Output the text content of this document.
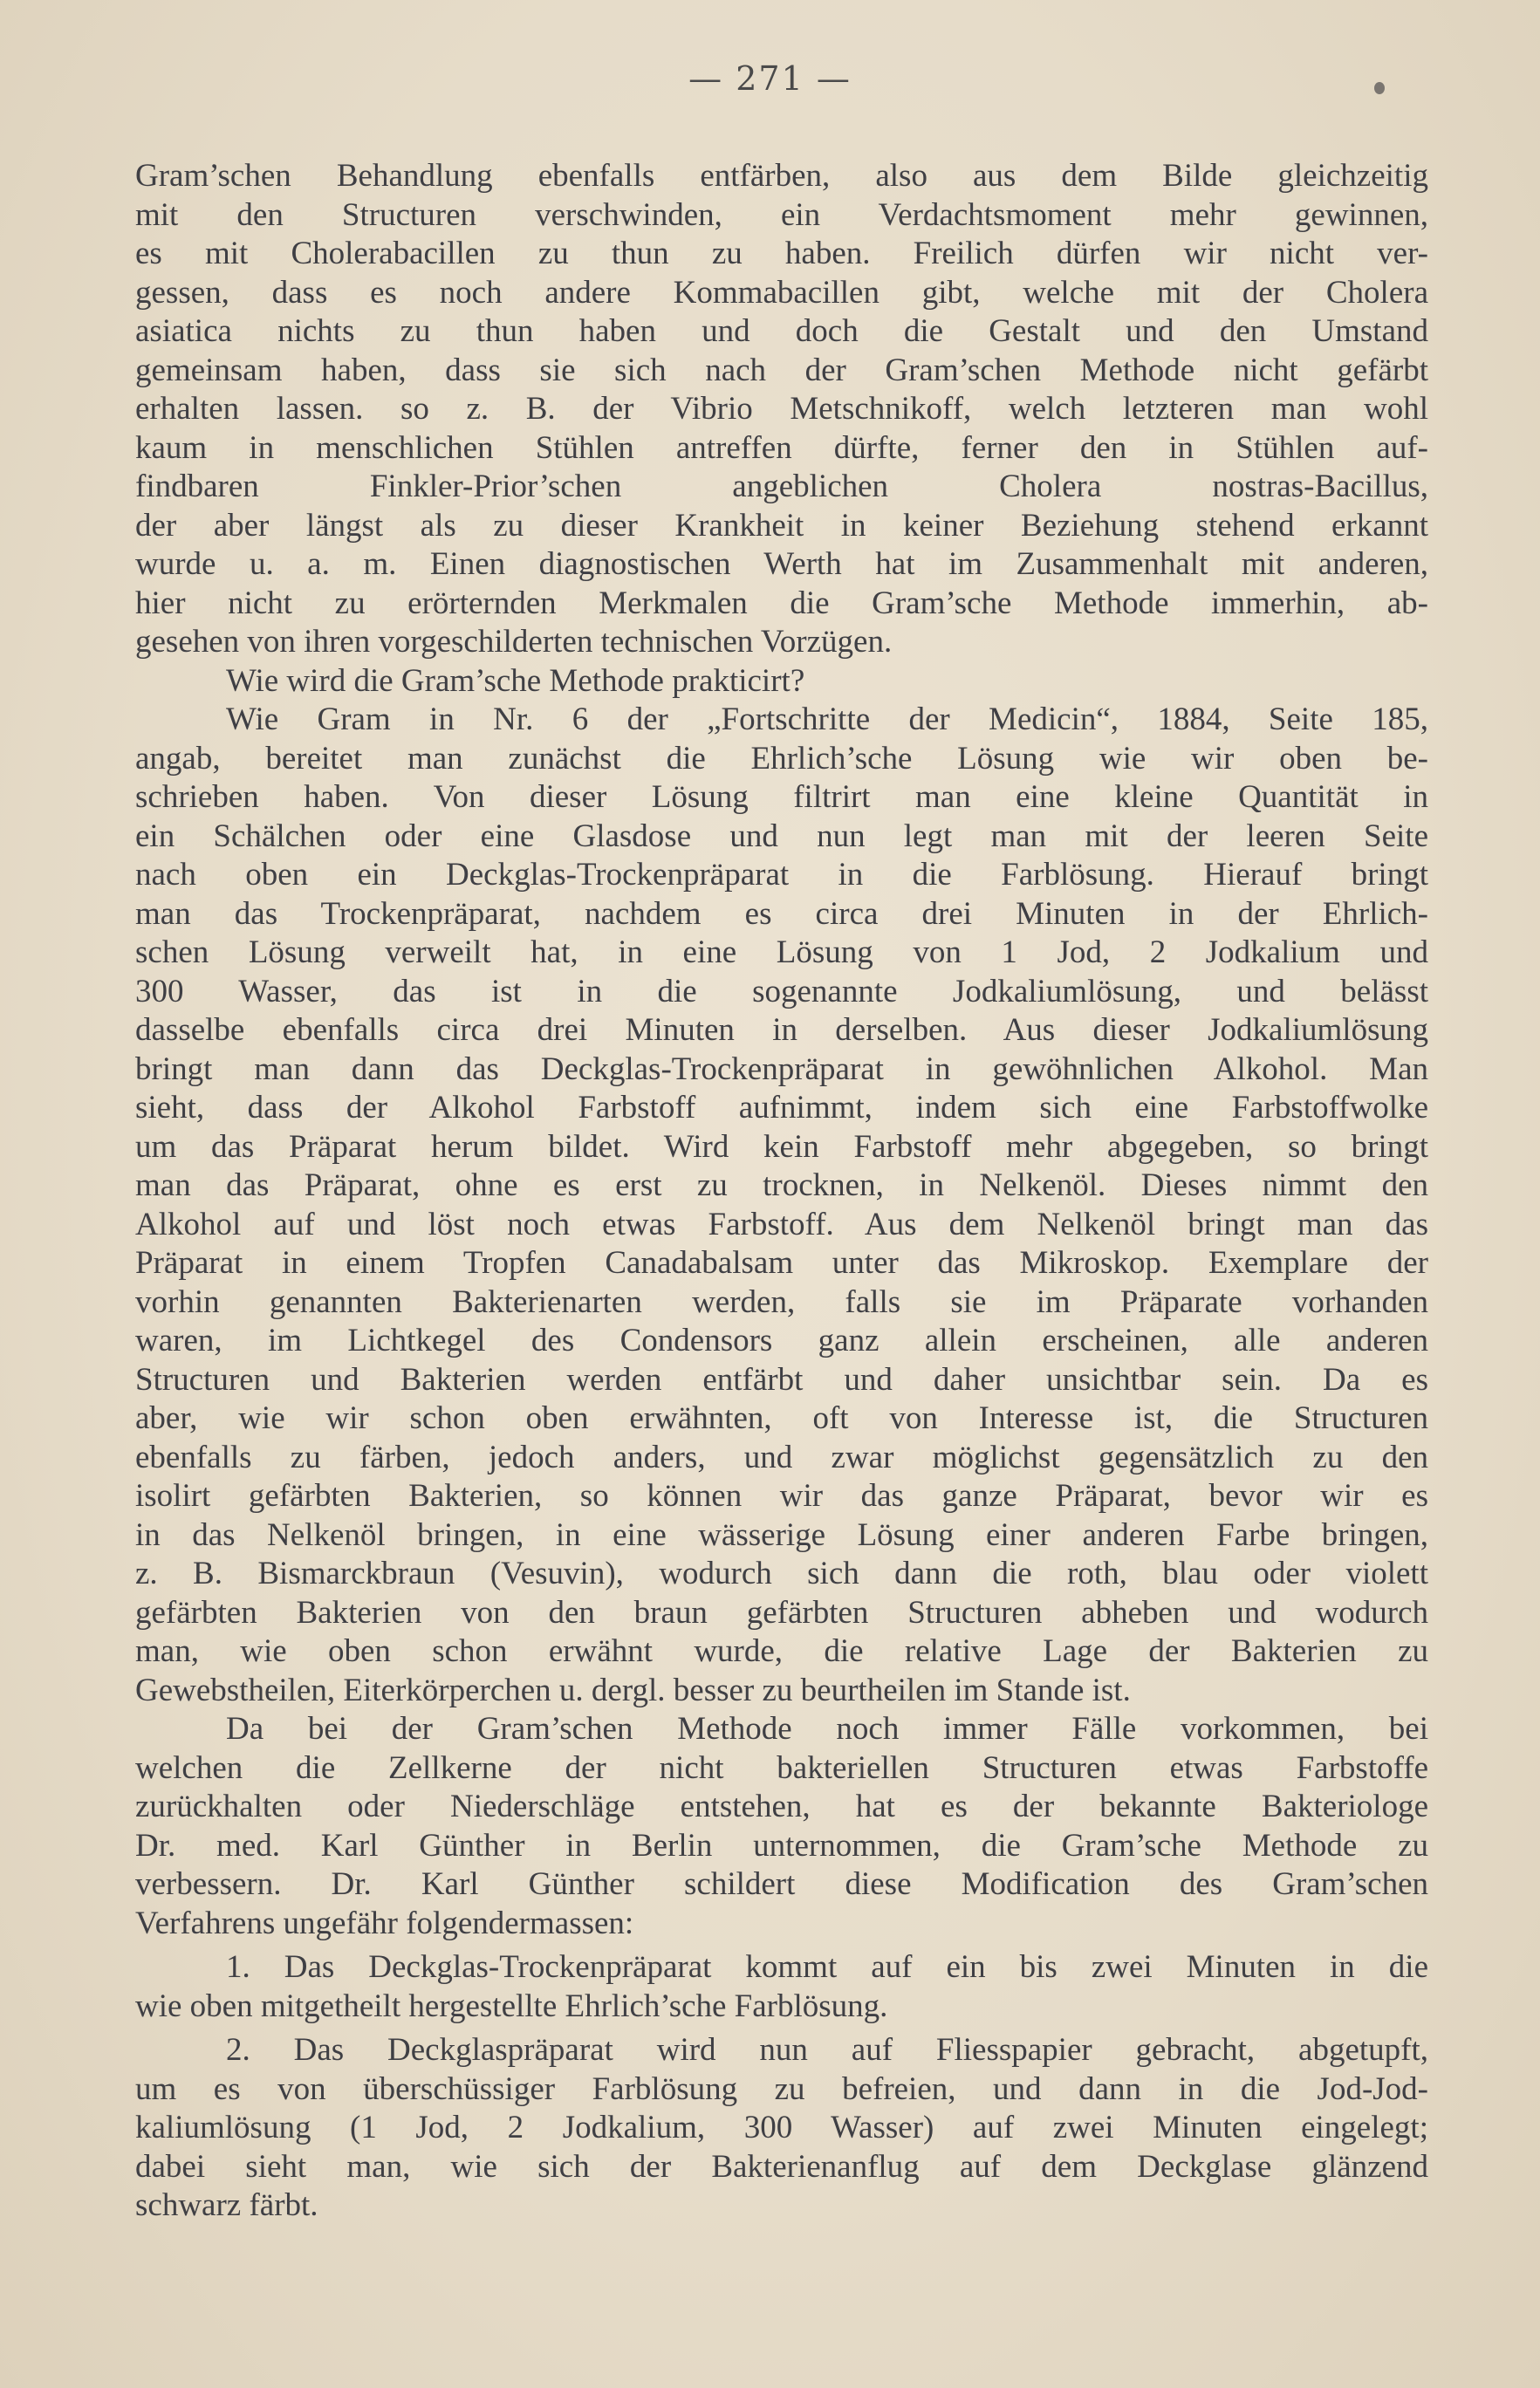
— 271 —
Gram’schen Behandlung ebenfalls entfärben, also aus dem Bilde gleichzeitig
mit den Structuren verschwinden, ein Verdachtsmoment mehr gewinnen,
es mit Cholerabacillen zu thun zu haben. Freilich dürfen wir nicht ver-
gessen, dass es noch andere Kommabacillen gibt, welche mit der Cholera
asiatica nichts zu thun haben und doch die Gestalt und den Umstand
gemeinsam haben, dass sie sich nach der Gram’schen Methode nicht gefärbt
erhalten lassen. so z. B. der Vibrio Metschnikoff, welch letzteren man wohl
kaum in menschlichen Stühlen antreffen dürfte, ferner den in Stühlen auf-
findbaren Finkler-Prior’schen angeblichen Cholera nostras-Bacillus,
der aber längst als zu dieser Krankheit in keiner Beziehung stehend erkannt
wurde u. a. m. Einen diagnostischen Werth hat im Zusammenhalt mit anderen,
hier nicht zu erörternden Merkmalen die Gram’sche Methode immerhin, ab-
gesehen von ihren vorgeschilderten technischen Vorzügen.
Wie wird die Gram’sche Methode prakticirt?
Wie Gram in Nr. 6 der „Fortschritte der Medicin“, 1884, Seite 185,
angab, bereitet man zunächst die Ehrlich’sche Lösung wie wir oben be-
schrieben haben. Von dieser Lösung filtrirt man eine kleine Quantität in
ein Schälchen oder eine Glasdose und nun legt man mit der leeren Seite
nach oben ein Deckglas-Trockenpräparat in die Farblösung. Hierauf bringt
man das Trockenpräparat, nachdem es circa drei Minuten in der Ehrlich-
schen Lösung verweilt hat, in eine Lösung von 1 Jod, 2 Jodkalium und
300 Wasser, das ist in die sogenannte Jodkaliumlösung, und belässt
dasselbe ebenfalls circa drei Minuten in derselben. Aus dieser Jodkaliumlösung
bringt man dann das Deckglas-Trockenpräparat in gewöhnlichen Alkohol. Man
sieht, dass der Alkohol Farbstoff aufnimmt, indem sich eine Farbstoffwolke
um das Präparat herum bildet. Wird kein Farbstoff mehr abgegeben, so bringt
man das Präparat, ohne es erst zu trocknen, in Nelkenöl. Dieses nimmt den
Alkohol auf und löst noch etwas Farbstoff. Aus dem Nelkenöl bringt man das
Präparat in einem Tropfen Canadabalsam unter das Mikroskop. Exemplare der
vorhin genannten Bakterienarten werden, falls sie im Präparate vorhanden
waren, im Lichtkegel des Condensors ganz allein erscheinen, alle anderen
Structuren und Bakterien werden entfärbt und daher unsichtbar sein. Da es
aber, wie wir schon oben erwähnten, oft von Interesse ist, die Structuren
ebenfalls zu färben, jedoch anders, und zwar möglichst gegensätzlich zu den
isolirt gefärbten Bakterien, so können wir das ganze Präparat, bevor wir es
in das Nelkenöl bringen, in eine wässerige Lösung einer anderen Farbe bringen,
z. B. Bismarckbraun (Vesuvin), wodurch sich dann die roth, blau oder violett
gefärbten Bakterien von den braun gefärbten Structuren abheben und wodurch
man, wie oben schon erwähnt wurde, die relative Lage der Bakterien zu
Gewebstheilen, Eiterkörperchen u. dergl. besser zu beurtheilen im Stande ist.
Da bei der Gram’schen Methode noch immer Fälle vorkommen, bei
welchen die Zellkerne der nicht bakteriellen Structuren etwas Farbstoffe
zurückhalten oder Niederschläge entstehen, hat es der bekannte Bakteriologe
Dr. med. Karl Günther in Berlin unternommen, die Gram’sche Methode zu
verbessern. Dr. Karl Günther schildert diese Modification des Gram’schen
Verfahrens ungefähr folgendermassen:
1. Das Deckglas-Trockenpräparat kommt auf ein bis zwei Minuten in die
wie oben mitgetheilt hergestellte Ehrlich’sche Farblösung.
2. Das Deckglaspräparat wird nun auf Fliesspapier gebracht, abgetupft,
um es von überschüssiger Farblösung zu befreien, und dann in die Jod-Jod-
kaliumlösung (1 Jod, 2 Jodkalium, 300 Wasser) auf zwei Minuten eingelegt;
dabei sieht man, wie sich der Bakterienanflug auf dem Deckglase glänzend
schwarz färbt.
